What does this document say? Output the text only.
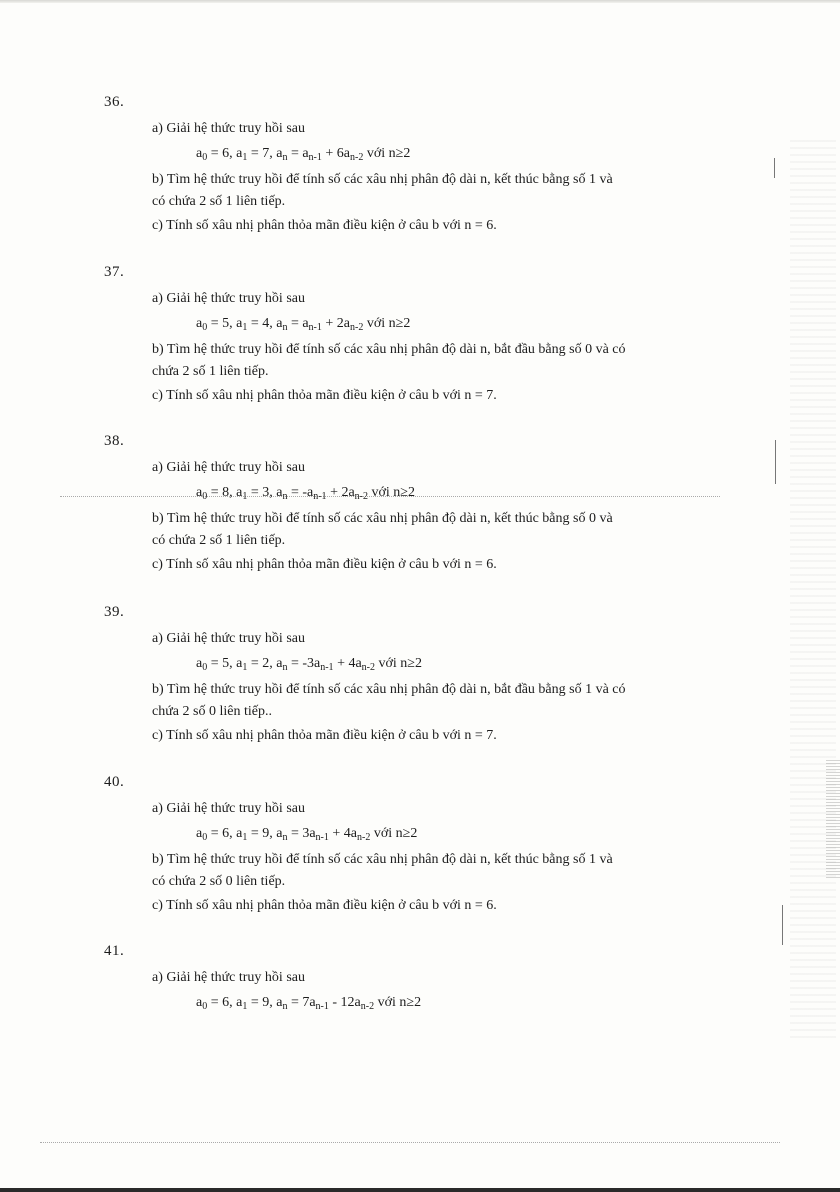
36.
a) Giải hệ thức truy hồi sau
$a_0 = 6$, $a_1 = 7$, $a_n = a_{n-1} + 6a_{n-2}$ với n≥2
b) Tìm hệ thức truy hồi để tính số các xâu nhị phân độ dài n, kết thúc bằng số 1 và
có chứa 2 số 1 liên tiếp.
c) Tính số xâu nhị phân thỏa mãn điều kiện ở câu b với n = 6.
37.
a) Giải hệ thức truy hồi sau
$a_0 = 5$, $a_1 = 4$, $a_n = a_{n-1} + 2a_{n-2}$ với n≥2
b) Tìm hệ thức truy hồi để tính số các xâu nhị phân độ dài n, bắt đầu bằng số 0 và có
chứa 2 số 1 liên tiếp.
c) Tính số xâu nhị phân thỏa mãn điều kiện ở câu b với n = 7.
38.
a) Giải hệ thức truy hồi sau
$a_0 = 8$, $a_1 = 3$, $a_n = -a_{n-1} + 2a_{n-2}$ với n≥2
b) Tìm hệ thức truy hồi để tính số các xâu nhị phân độ dài n, kết thúc bằng số 0 và
có chứa 2 số 1 liên tiếp.
c) Tính số xâu nhị phân thỏa mãn điều kiện ở câu b với n = 6.
39.
a) Giải hệ thức truy hồi sau
$a_0 = 5$, $a_1 = 2$, $a_n = -3a_{n-1} + 4a_{n-2}$ với n≥2
b) Tìm hệ thức truy hồi để tính số các xâu nhị phân độ dài n, bắt đầu bằng số 1 và có
chứa 2 số 0 liên tiếp..
c) Tính số xâu nhị phân thỏa mãn điều kiện ở câu b với n = 7.
40.
a) Giải hệ thức truy hồi sau
$a_0 = 6$, $a_1 = 9$, $a_n = 3a_{n-1} + 4a_{n-2}$ với n≥2
b) Tìm hệ thức truy hồi để tính số các xâu nhị phân độ dài n, kết thúc bằng số 1 và
có chứa 2 số 0 liên tiếp.
c) Tính số xâu nhị phân thỏa mãn điều kiện ở câu b với n = 6.
41.
a) Giải hệ thức truy hồi sau
$a_0 = 6$, $a_1 = 9$, $a_n = 7a_{n-1} - 12a_{n-2}$ với n≥2
